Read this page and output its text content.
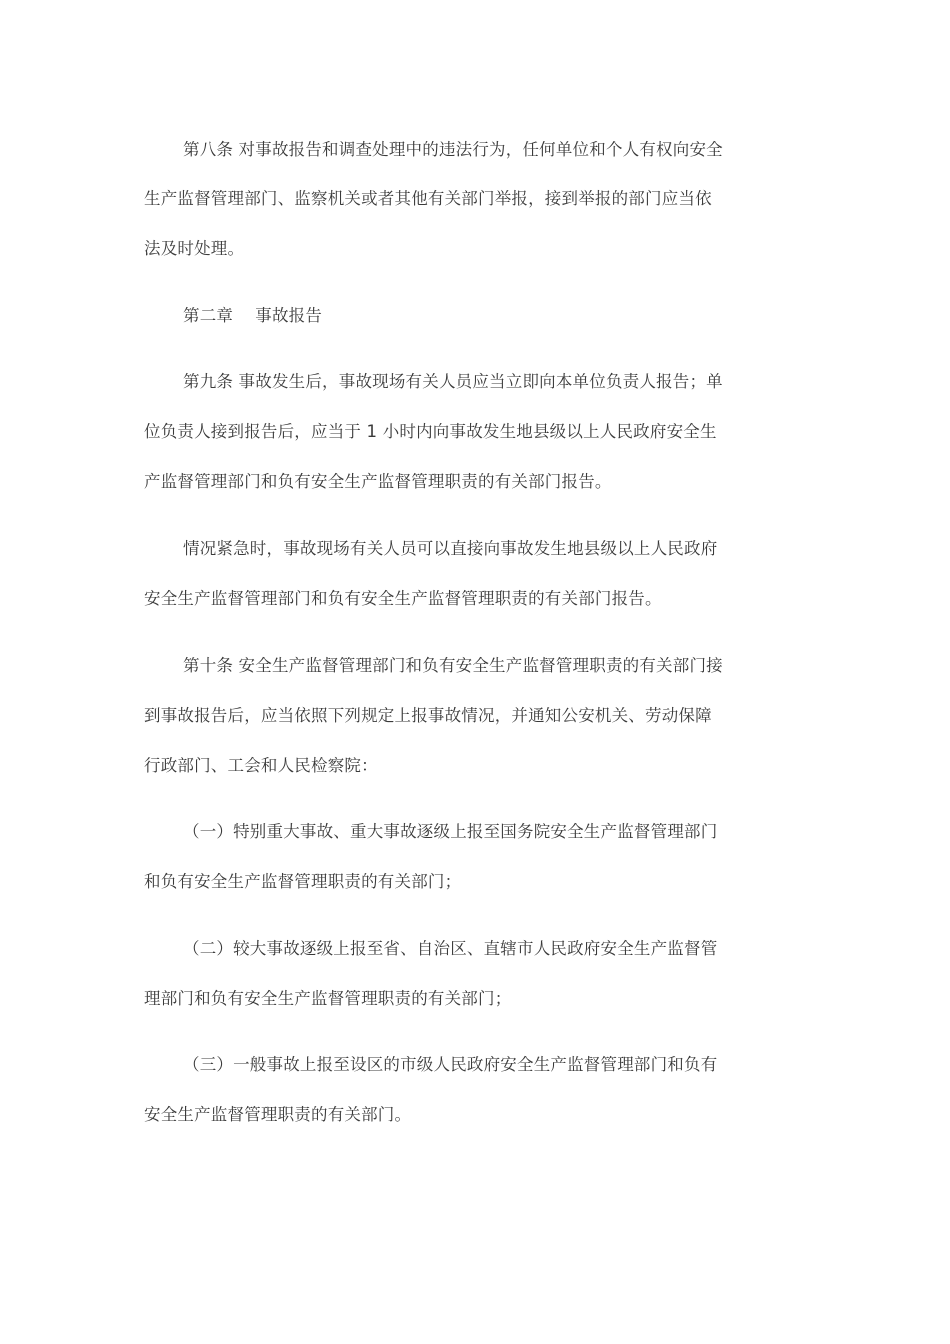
第八条 对事故报告和调查处理中的违法行为，任何单位和个人有权向安全
生产监督管理部门、监察机关或者其他有关部门举报，接到举报的部门应当依
法及时处理。
第二章　 事故报告
第九条 事故发生后，事故现场有关人员应当立即向本单位负责人报告；单
位负责人接到报告后，应当于 1 小时内向事故发生地县级以上人民政府安全生
产监督管理部门和负有安全生产监督管理职责的有关部门报告。
情况紧急时，事故现场有关人员可以直接向事故发生地县级以上人民政府
安全生产监督管理部门和负有安全生产监督管理职责的有关部门报告。
第十条 安全生产监督管理部门和负有安全生产监督管理职责的有关部门接
到事故报告后，应当依照下列规定上报事故情况，并通知公安机关、劳动保障
行政部门、工会和人民检察院：
（一）特别重大事故、重大事故逐级上报至国务院安全生产监督管理部门
和负有安全生产监督管理职责的有关部门；
（二）较大事故逐级上报至省、自治区、直辖市人民政府安全生产监督管
理部门和负有安全生产监督管理职责的有关部门；
（三）一般事故上报至设区的市级人民政府安全生产监督管理部门和负有
安全生产监督管理职责的有关部门。
